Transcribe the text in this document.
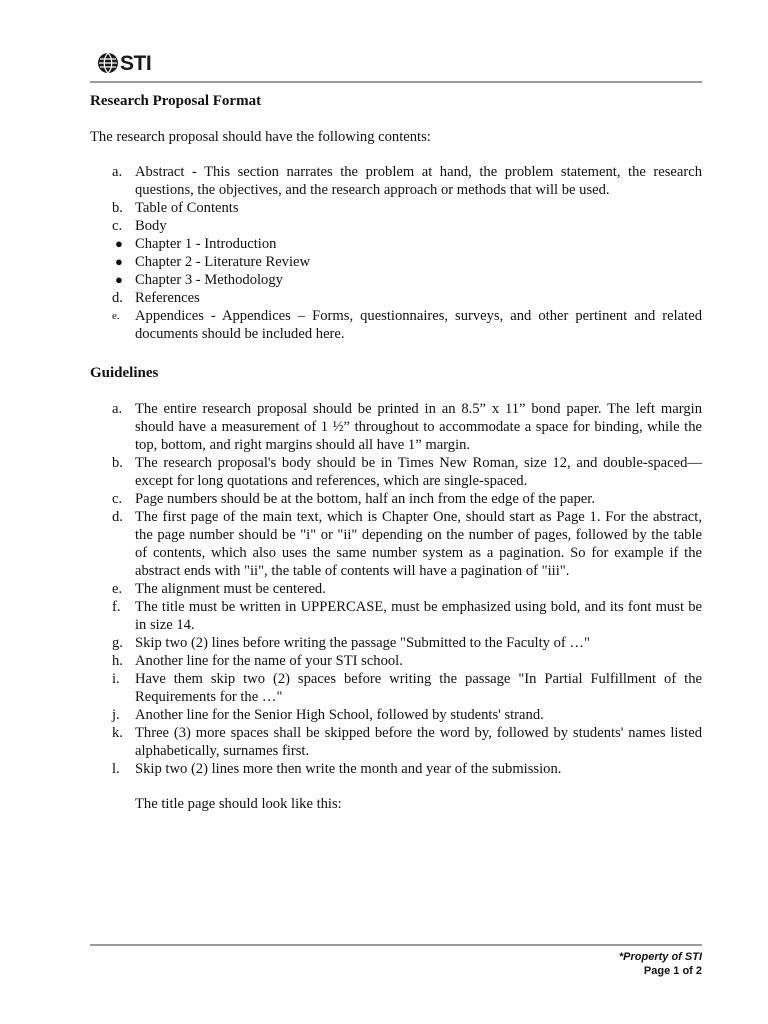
STI
Research Proposal Format

The research proposal should have the following contents:

a. Abstract - This section narrates the problem at hand, the problem statement, the research questions, the objectives, and the research approach or methods that will be used.
b. Table of Contents
c. Body
● Chapter 1 - Introduction
● Chapter 2 - Literature Review
● Chapter 3 - Methodology
d. References
e. Appendices - Appendices – Forms, questionnaires, surveys, and other pertinent and related documents should be included here.
Guidelines
a. The entire research proposal should be printed in an 8.5” x 11” bond paper. The left margin should have a measurement of 1 ½” throughout to accommodate a space for binding, while the top, bottom, and right margins should all have 1” margin.
b. The research proposal's body should be in Times New Roman, size 12, and double-spaced—except for long quotations and references, which are single-spaced.
c. Page numbers should be at the bottom, half an inch from the edge of the paper.
d. The first page of the main text, which is Chapter One, should start as Page 1. For the abstract, the page number should be "i" or "ii" depending on the number of pages, followed by the table of contents, which also uses the same number system as a pagination. So for example if the abstract ends with "ii", the table of contents will have a pagination of "iii".
e. The alignment must be centered.
f. The title must be written in UPPERCASE, must be emphasized using bold, and its font must be in size 14.
g. Skip two (2) lines before writing the passage "Submitted to the Faculty of …"
h. Another line for the name of your STI school.
i. Have them skip two (2) spaces before writing the passage "In Partial Fulfillment of the Requirements for the …"
j. Another line for the Senior High School, followed by students' strand.
k. Three (3) more spaces shall be skipped before the word by, followed by students' names listed alphabetically, surnames first.
l. Skip two (2) lines more then write the month and year of the submission.

The title page should look like this:

*Property of STI
Page 1 of 2
